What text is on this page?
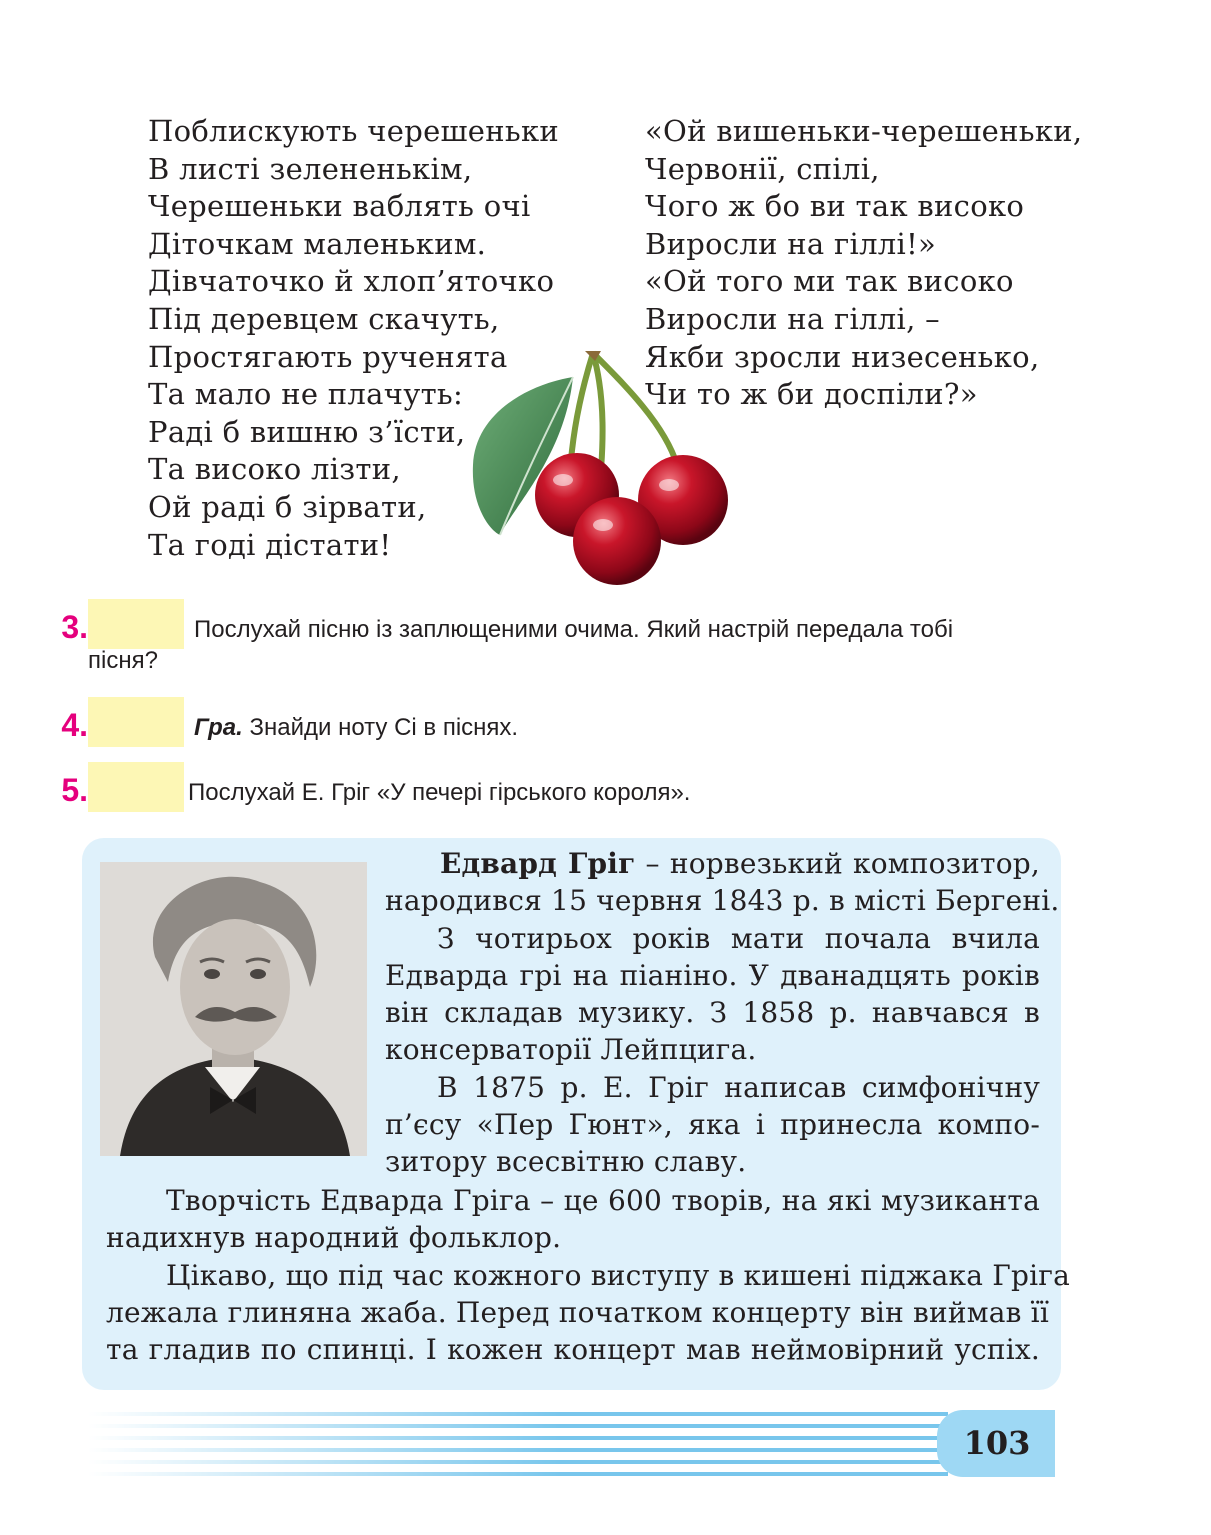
Поблискують черешеньки
В листі зелененькім,
Черешеньки ваблять очі
Діточкам маленьким.
Дівчаточко й хлоп’яточко
Під деревцем скачуть,
Простягають рученята
Та мало не плачуть:
Раді б вишню з’їсти,
Та високо лізти,
Ой раді б зірвати,
Та годі дістати!
«Ой вишеньки-черешеньки,
Червонії, спілі,
Чого ж бо ви так високо
Виросли на гіллі!»
«Ой того ми так високо
Виросли на гіллі, –
Якби зросли низесенько,
Чи то ж би доспіли?»
3.	Послухай пісню із заплющеними очима. Який настрій передала тобі
пісня?
4.	Гра. Знайди ноту Сі в піснях.
5.	Послухай Е. Гріг «У печері гірського короля».
Едвард Гріг – норвезький композитор,
народився 15 червня 1843 р. в місті Бергені.
З чотирьох років мати почала вчила
Едварда грі на піаніно. У дванадцять років
він складав музику. З 1858 р. навчався в
консерваторії Лейпцига.
В 1875 р. Е. Гріг написав симфонічну
п’єсу «Пер Гюнт», яка і принесла компо-
зитору всесвітню славу.
Творчість Едварда Гріга – це 600 творів, на які музиканта
надихнув народний фольклор.
Цікаво, що під час кожного виступу в кишені піджака Гріга
лежала глиняна жаба. Перед початком концерту він виймав її
та гладив по спинці. І кожен концерт мав неймовірний успіх.
103
